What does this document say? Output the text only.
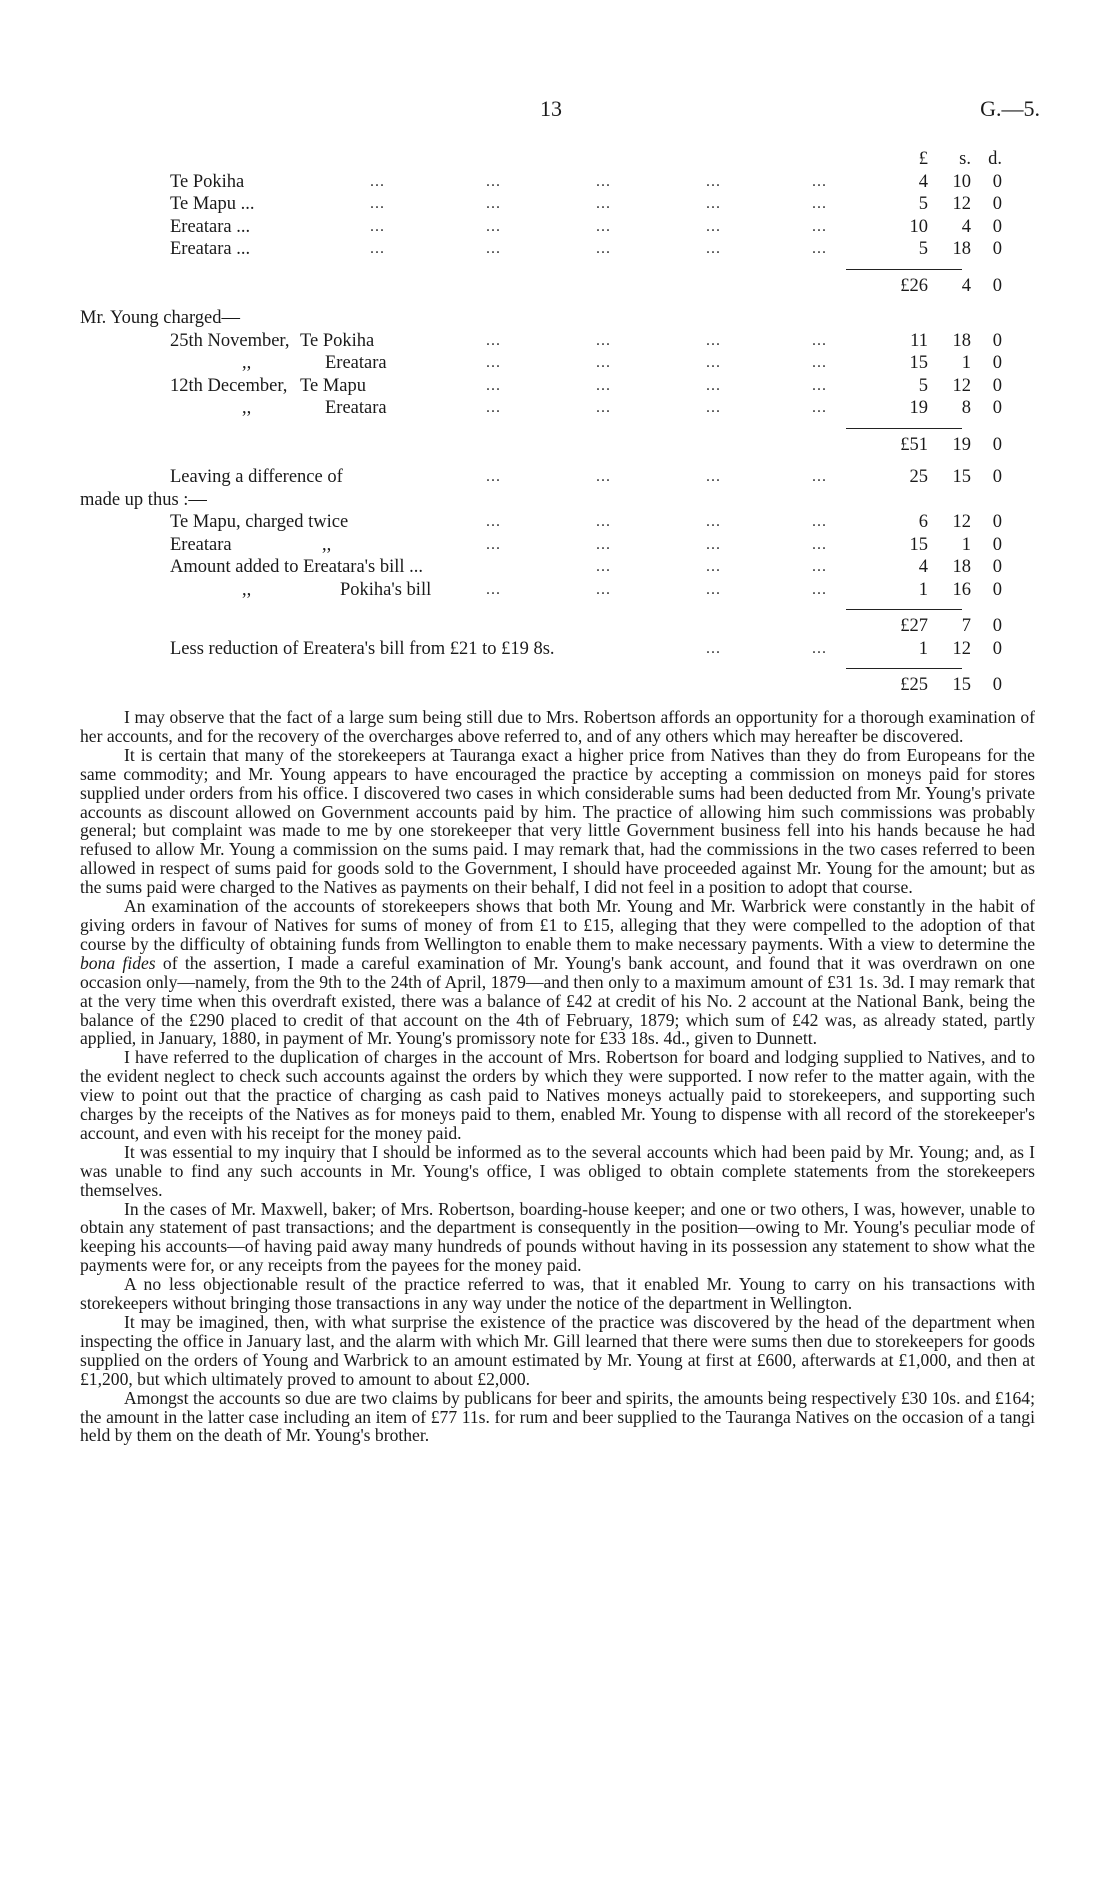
13	G.—5.
£	s. d.
Te Pokiha	...	...	...	...	...	4	10	0
Te Mapu ...	...	...	...	...	...	5	12	0
Ereatara ...	...	...	...	...	...	10	4	0
Ereatara ...	...	...	...	...	...	5	18	0
£26	4	0
Mr. Young charged—
25th November, Te Pokiha	...	...	...	...	11	18	0
,,	Ereatara	...	...	...	...	15	1	0
12th December, Te Mapu	...	...	...	...	5	12	0
,,	Ereatara	...	...	...	...	19	8	0
£51	19	0
Leaving a difference of	...	...	...	...	25	15	0
made up thus :—
Te Mapu, charged twice	...	...	...	...	6	12	0
Ereatara	,,	...	...	...	...	15	1	0
Amount added to Ereatara's bill ...	...	...	...	4	18	0
,,	Pokiha's bill	...	...	...	...	1	16	0
£27	7	0
Less reduction of Ereatera's bill from £21 to £19 8s.	...	...	1	12	0
£25	15	0

I may observe that the fact of a large sum being still due to Mrs. Robertson affords an opportunity for a thorough examination of her accounts, and for the recovery of the overcharges above referred to, and of any others which may hereafter be discovered.

It is certain that many of the storekeepers at Tauranga exact a higher price from Natives than they do from Europeans for the same commodity; and Mr. Young appears to have encouraged the practice by accepting a commission on moneys paid for stores supplied under orders from his office. I discovered two cases in which considerable sums had been deducted from Mr. Young's private accounts as discount allowed on Government accounts paid by him. The practice of allowing him such commissions was probably general; but complaint was made to me by one storekeeper that very little Government business fell into his hands because he had refused to allow Mr. Young a commission on the sums paid. I may remark that, had the commissions in the two cases referred to been allowed in respect of sums paid for goods sold to the Government, I should have proceeded against Mr. Young for the amount; but as the sums paid were charged to the Natives as payments on their behalf, I did not feel in a position to adopt that course.

An examination of the accounts of storekeepers shows that both Mr. Young and Mr. Warbrick were constantly in the habit of giving orders in favour of Natives for sums of money of from £1 to £15, alleging that they were compelled to the adoption of that course by the difficulty of obtaining funds from Wellington to enable them to make necessary payments. With a view to determine the bona fides of the assertion, I made a careful examination of Mr. Young's bank account, and found that it was overdrawn on one occasion only—namely, from the 9th to the 24th of April, 1879—and then only to a maximum amount of £31 1s. 3d. I may remark that at the very time when this overdraft existed, there was a balance of £42 at credit of his No. 2 account at the National Bank, being the balance of the £290 placed to credit of that account on the 4th of February, 1879; which sum of £42 was, as already stated, partly applied, in January, 1880, in payment of Mr. Young's promissory note for £33 18s. 4d., given to Dunnett.

I have referred to the duplication of charges in the account of Mrs. Robertson for board and lodging supplied to Natives, and to the evident neglect to check such accounts against the orders by which they were supported. I now refer to the matter again, with the view to point out that the practice of charging as cash paid to Natives moneys actually paid to storekeepers, and supporting such charges by the receipts of the Natives as for moneys paid to them, enabled Mr. Young to dispense with all record of the storekeeper's account, and even with his receipt for the money paid.

It was essential to my inquiry that I should be informed as to the several accounts which had been paid by Mr. Young; and, as I was unable to find any such accounts in Mr. Young's office, I was obliged to obtain complete statements from the storekeepers themselves.

In the cases of Mr. Maxwell, baker; of Mrs. Robertson, boarding-house keeper; and one or two others, I was, however, unable to obtain any statement of past transactions; and the department is consequently in the position—owing to Mr. Young's peculiar mode of keeping his accounts—of having paid away many hundreds of pounds without having in its possession any statement to show what the payments were for, or any receipts from the payees for the money paid.

A no less objectionable result of the practice referred to was, that it enabled Mr. Young to carry on his transactions with storekeepers without bringing those transactions in any way under the notice of the department in Wellington.

It may be imagined, then, with what surprise the existence of the practice was discovered by the head of the department when inspecting the office in January last, and the alarm with which Mr. Gill learned that there were sums then due to storekeepers for goods supplied on the orders of Young and Warbrick to an amount estimated by Mr. Young at first at £600, afterwards at £1,000, and then at £1,200, but which ultimately proved to amount to about £2,000.

Amongst the accounts so due are two claims by publicans for beer and spirits, the amounts being respectively £30 10s. and £164; the amount in the latter case including an item of £77 11s. for rum and beer supplied to the Tauranga Natives on the occasion of a tangi held by them on the death of Mr. Young's brother.
